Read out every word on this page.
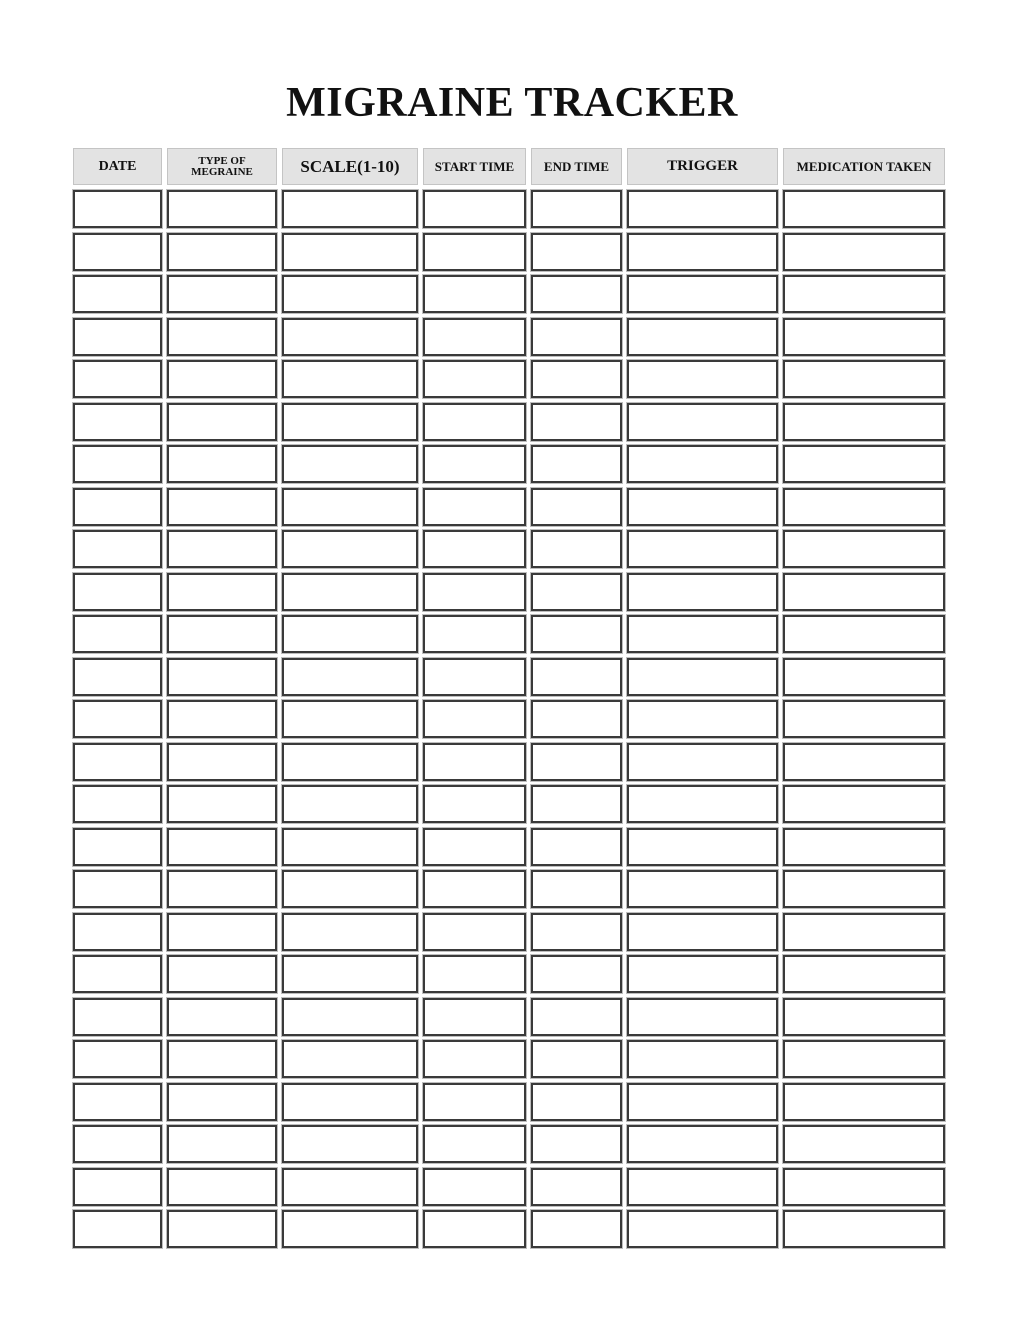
MIGRAINE TRACKER
DATE	TYPE OF MEGRAINE	SCALE(1-10)	START TIME	END TIME	TRIGGER	MEDICATION TAKEN
